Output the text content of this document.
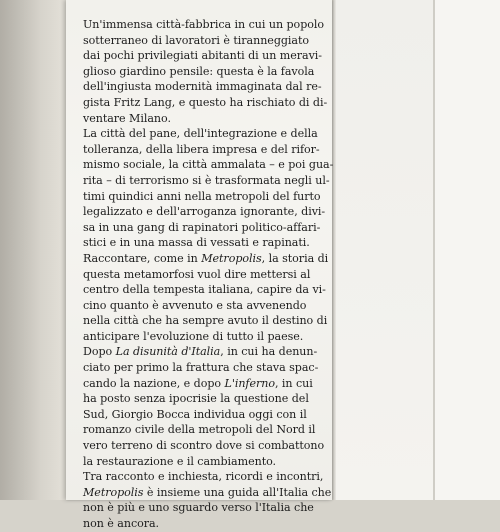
Un'immensa città-fabbrica in cui un popolo
sotterraneo di lavoratori è tiranneggiato
dai pochi privilegiati abitanti di un meravi-
glioso giardino pensile: questa è la favola
dell'ingiusta modernità immaginata dal re-
gista Fritz Lang, e questo ha rischiato di di-
ventare Milano.

La città del pane, dell'integrazione e della
tolleranza, della libera impresa e del rifor-
mismo sociale, la città ammalata – e poi gua-
rita – di terrorismo si è trasformata negli ul-
timi quindici anni nella metropoli del furto
legalizzato e dell'arroganza ignorante, divi-
sa in una gang di rapinatori politico-affari-
stici e in una massa di vessati e rapinati.

Raccontare, come in Metropolis, la storia di
questa metamorfosi vuol dire mettersi al
centro della tempesta italiana, capire da vi-
cino quanto è avvenuto e sta avvenendo
nella città che ha sempre avuto il destino di
anticipare l'evoluzione di tutto il paese.

Dopo La disunità d'Italia, in cui ha denun-
ciato per primo la frattura che stava spac-
cando la nazione, e dopo L'inferno, in cui
ha posto senza ipocrisie la questione del
Sud, Giorgio Bocca individua oggi con il
romanzo civile della metropoli del Nord il
vero terreno di scontro dove si combattono
la restaurazione e il cambiamento.

Tra racconto e inchiesta, ricordi e incontri,
Metropolis è insieme una guida all'Italia che
non è più e uno sguardo verso l'Italia che
non è ancora.
